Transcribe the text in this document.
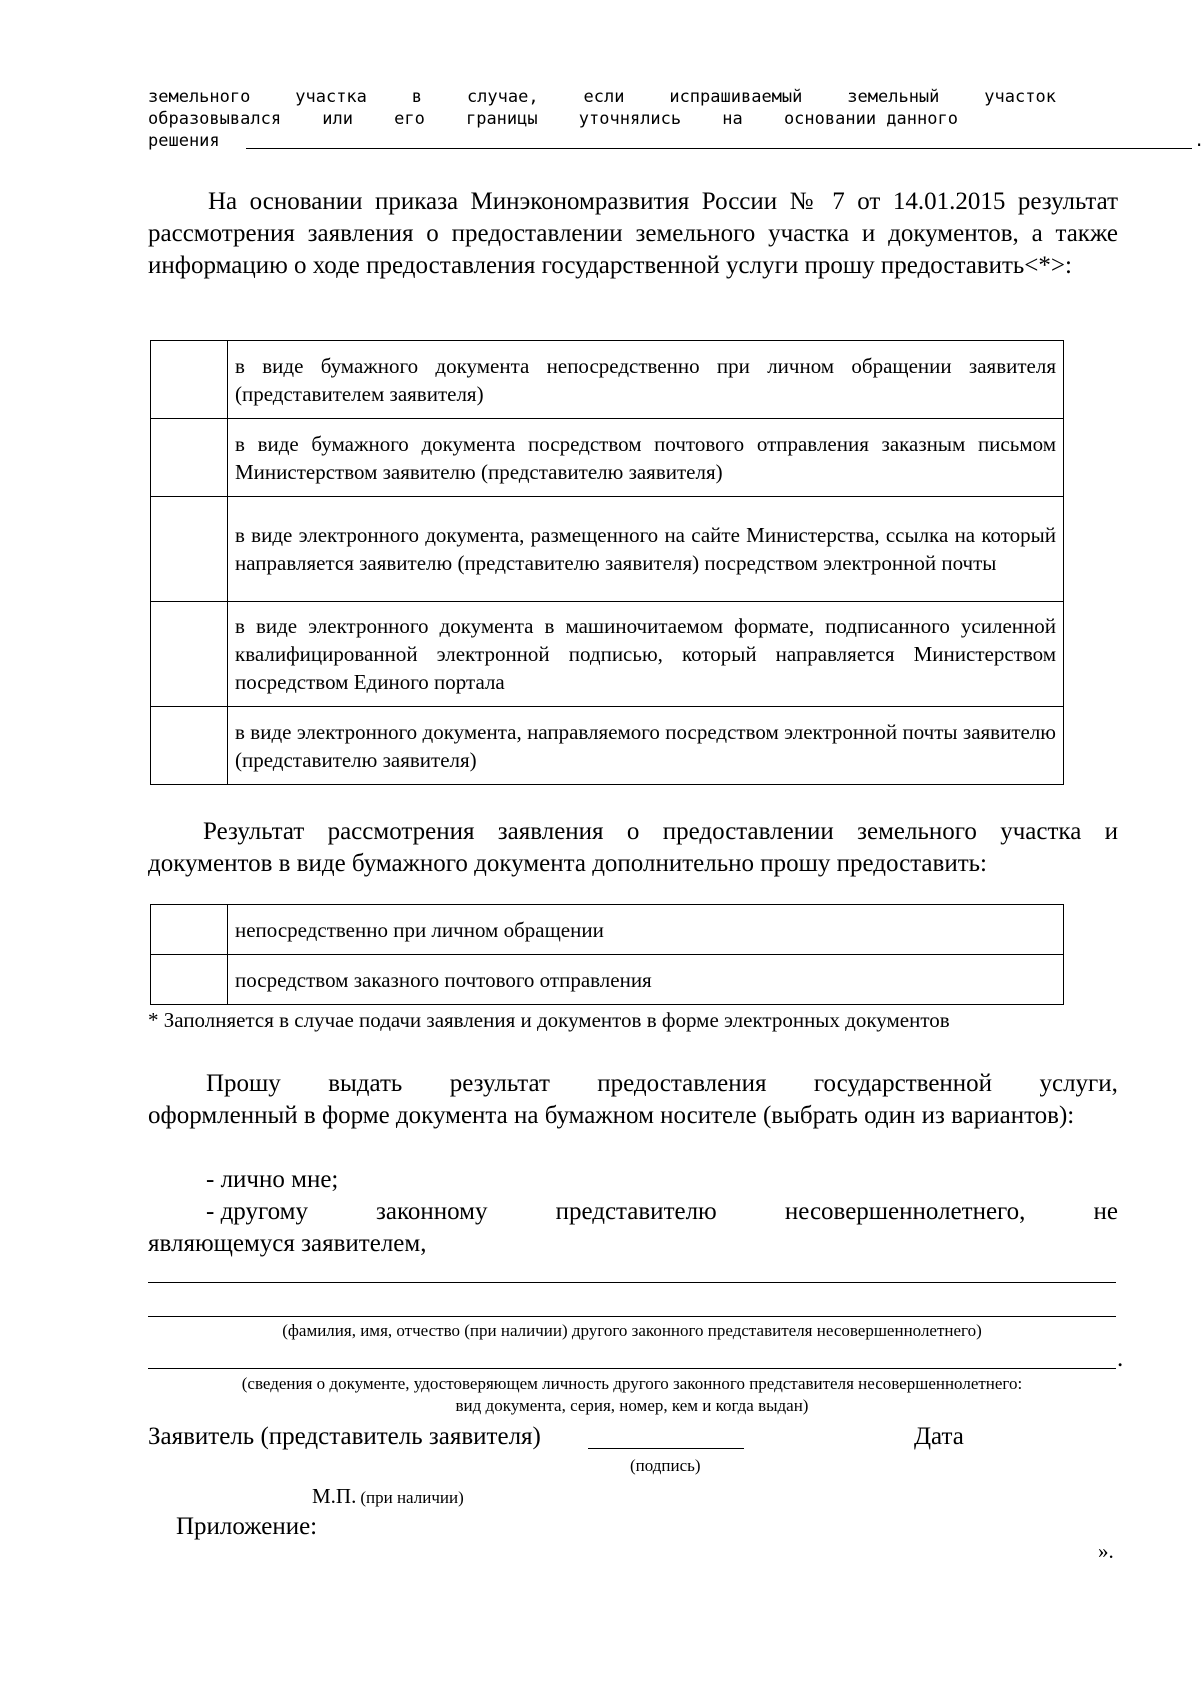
земельного	участка	в	случае,	если	испрашиваемый	земельный	участок
образовывался или его границы уточнялись на основании данного
решения	.
На основании приказа Минэкономразвития России № 7 от 14.01.2015 результат рассмотрения заявления о предоставлении земельного участка и документов, а также информацию о ходе предоставления государственной услуги прошу предоставить<*>:
	в виде бумажного документа непосредственно при личном обращении заявителя (представителем заявителя)
	в виде бумажного документа посредством почтового отправления заказным письмом Министерством заявителю (представителю заявителя)
	в виде электронного документа, размещенного на сайте Министерства, ссылка на который направляется заявителю (представителю заявителя) посредством электронной почты
	в виде электронного документа в машиночитаемом формате, подписанного усиленной квалифицированной электронной подписью, который направляется Министерством посредством Единого портала
	в виде электронного документа, направляемого посредством электронной почты заявителю (представителю заявителя)
Результат рассмотрения заявления о предоставлении земельного участка и документов в виде бумажного документа дополнительно прошу предоставить:
	непосредственно при личном обращении
	посредством заказного почтового отправления
* Заполняется в случае подачи заявления и документов в форме электронных документов
Прошу выдать результат предоставления государственной услуги,
оформленный в форме документа на бумажном носителе (выбрать один из вариантов):
- лично мне;
- другому	законному	представителю	несовершеннолетнего,	не
являющемуся заявителем,
(фамилия, имя, отчество (при наличии) другого законного представителя несовершеннолетнего)
.
(сведения о документе, удостоверяющем личность другого законного представителя несовершеннолетнего:
вид документа, серия, номер, кем и когда выдан)
Заявитель (представитель заявителя)	Дата
(подпись)
М.П. (при наличии)
Приложение:
».
